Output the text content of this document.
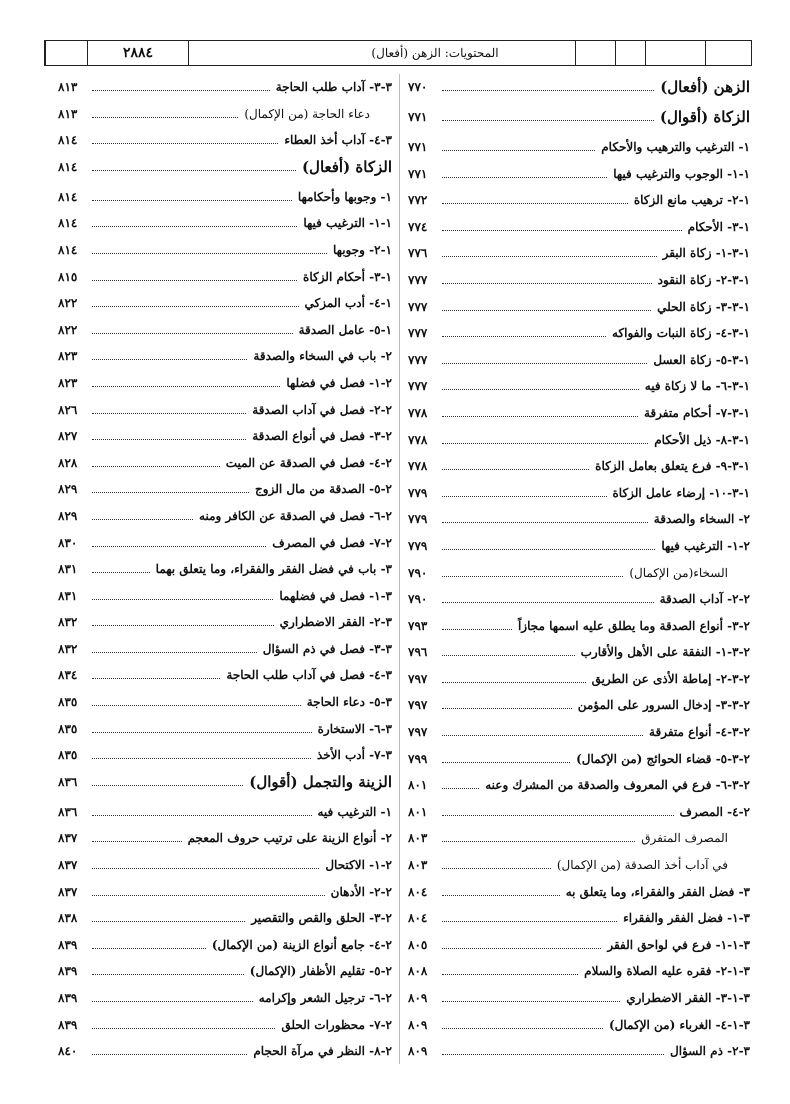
٢٨٨٤	المحتويات: الزهن (أفعال)
٧٧٠	الزهن (أفعال)
٧٧١	الزكاة (أقوال)
٧٧١	١- الترغيب والترهيب والأحكام
٧٧١	١-١- الوجوب والترغيب فيها
٧٧٢	١-٢- ترهيب مانع الزكاة
٧٧٤	١-٣- الأحكام
٧٧٦	١-٣-١- زكاة البقر
٧٧٧	١-٣-٢- زكاة النقود
٧٧٧	١-٣-٣- زكاة الحلي
٧٧٧	١-٣-٤- زكاة النبات والفواكه
٧٧٧	١-٣-٥- زكاة العسل
٧٧٧	١-٣-٦- ما لا زكاة فيه
٧٧٨	١-٣-٧- أحكام متفرقة
٧٧٨	١-٣-٨- ذيل الأحكام
٧٧٨	١-٣-٩- فرع يتعلق بعامل الزكاة
٧٧٩	١-٣-١٠- إرضاء عامل الزكاة
٧٧٩	٢- السخاء والصدقة
٧٧٩	٢-١- الترغيب فيها
٧٩٠	السخاء(من الإكمال)
٧٩٠	٢-٢- آداب الصدقة
٧٩٣	٢-٣- أنواع الصدقة وما يطلق عليه اسمها مجازاً
٧٩٦	٢-٣-١- النفقة على الأهل والأقارب
٧٩٧	٢-٣-٢- إماطة الأذى عن الطريق
٧٩٧	٢-٣-٣- إدخال السرور على المؤمن
٧٩٧	٢-٣-٤- أنواع متفرقة
٧٩٩	٢-٣-٥- قضاء الحوائج (من الإكمال)
٨٠١	٢-٣-٦- فرع في المعروف والصدقة من المشرك وعنه
٨٠١	٢-٤- المصرف
٨٠٣	المصرف المتفرق
٨٠٣	في آداب أخذ الصدقة (من الإكمال)
٨٠٤	٣- فضل الفقر والفقراء، وما يتعلق به
٨٠٤	٣-١- فضل الفقر والفقراء
٨٠٥	٣-١-١- فرع في لواحق الفقر
٨٠٨	٣-١-٢- فقره عليه الصلاة والسلام
٨٠٩	٣-١-٣- الفقر الاضطراري
٨٠٩	٣-١-٤- الغرباء (من الإكمال)
٨٠٩	٣-٢- ذم السؤال
٨١٣	٣-٣- آداب طلب الحاجة
٨١٣	دعاء الحاجة (من الإكمال)
٨١٤	٣-٤- آداب أخذ العطاء
٨١٤	الزكاة (أفعال)
٨١٤	١- وجوبها وأحكامها
٨١٤	١-١- الترغيب فيها
٨١٤	١-٢- وجوبها
٨١٥	١-٣- أحكام الزكاة
٨٢٢	١-٤- أدب المزكي
٨٢٢	١-٥- عامل الصدقة
٨٢٣	٢- باب في السخاء والصدقة
٨٢٣	٢-١- فصل في فضلها
٨٢٦	٢-٢- فصل في آداب الصدقة
٨٢٧	٢-٣- فصل في أنواع الصدقة
٨٢٨	٢-٤- فصل في الصدقة عن الميت
٨٢٩	٢-٥- الصدقة من مال الزوج
٨٢٩	٢-٦- فصل في الصدقة عن الكافر ومنه
٨٣٠	٢-٧- فصل في المصرف
٨٣١	٣- باب في فضل الفقر والفقراء، وما يتعلق بهما
٨٣١	٣-١- فصل في فضلهما
٨٣٢	٣-٢- الفقر الاضطراري
٨٣٢	٣-٣- فصل في ذم السؤال
٨٣٤	٣-٤- فصل في آداب طلب الحاجة
٨٣٥	٣-٥- دعاء الحاجة
٨٣٥	٣-٦- الاستخارة
٨٣٥	٣-٧- أدب الأخذ
٨٣٦	الزينة والتجمل (أقوال)
٨٣٦	١- الترغيب فيه
٨٣٧	٢- أنواع الزينة على ترتيب حروف المعجم
٨٣٧	٢-١- الاكتحال
٨٣٧	٢-٢- الأدهان
٨٣٨	٢-٣- الحلق والقص والتقصير
٨٣٩	٢-٤- جامع أنواع الزينة (من الإكمال)
٨٣٩	٢-٥- تقليم الأظفار (الإكمال)
٨٣٩	٢-٦- ترجيل الشعر وإكرامه
٨٣٩	٢-٧- محظورات الحلق
٨٤٠	٢-٨- النظر في مرآة الحجام
